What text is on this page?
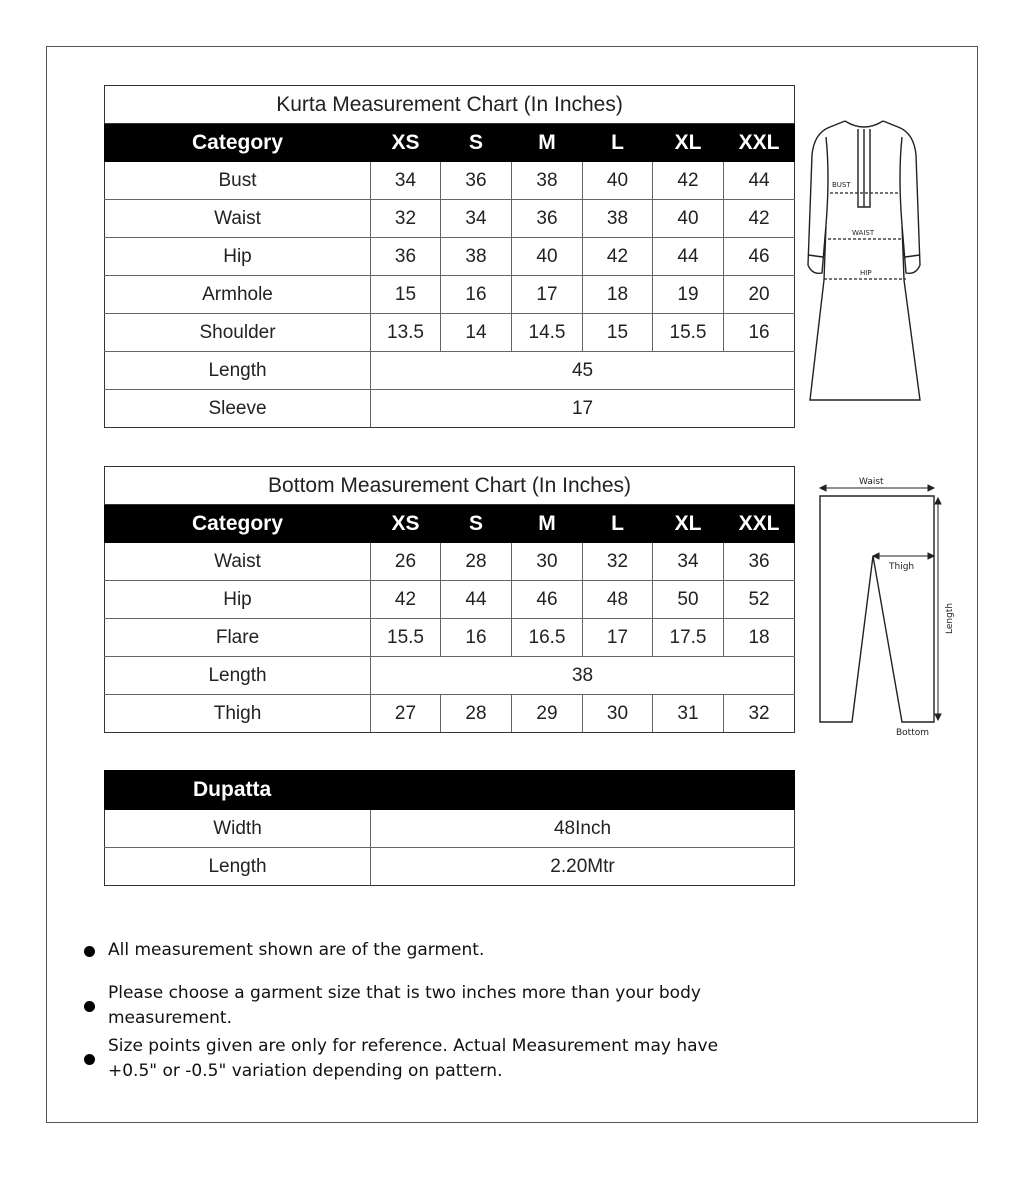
Kurta Measurement Chart (In Inches)						
Category	XS	S	M	L	XL	XXL
Bust	34	36	38	40	42	44
Waist	32	34	36	38	40	42
Hip	36	38	40	42	44	46
Armhole	15	16	17	18	19	20
Shoulder	13.5	14	14.5	15	15.5	16
Length	45					
Sleeve	17					
Bottom Measurement Chart (In Inches)						
Category	XS	S	M	L	XL	XXL
Waist	26	28	30	32	34	36
Hip	42	44	46	48	50	52
Flare	15.5	16	16.5	17	17.5	18
Length	38					
Thigh	27	28	29	30	31	32
Dupatta	
Width	48Inch
Length	2.20Mtr
BUST
WAIST
HIP
Waist
Thigh
Length
Bottom
All measurement shown are of the garment.
Please choose a garment size that is two inches more than your body measurement.
Size points given are only for reference. Actual Measurement may have +0.5" or -0.5" variation depending on pattern.
